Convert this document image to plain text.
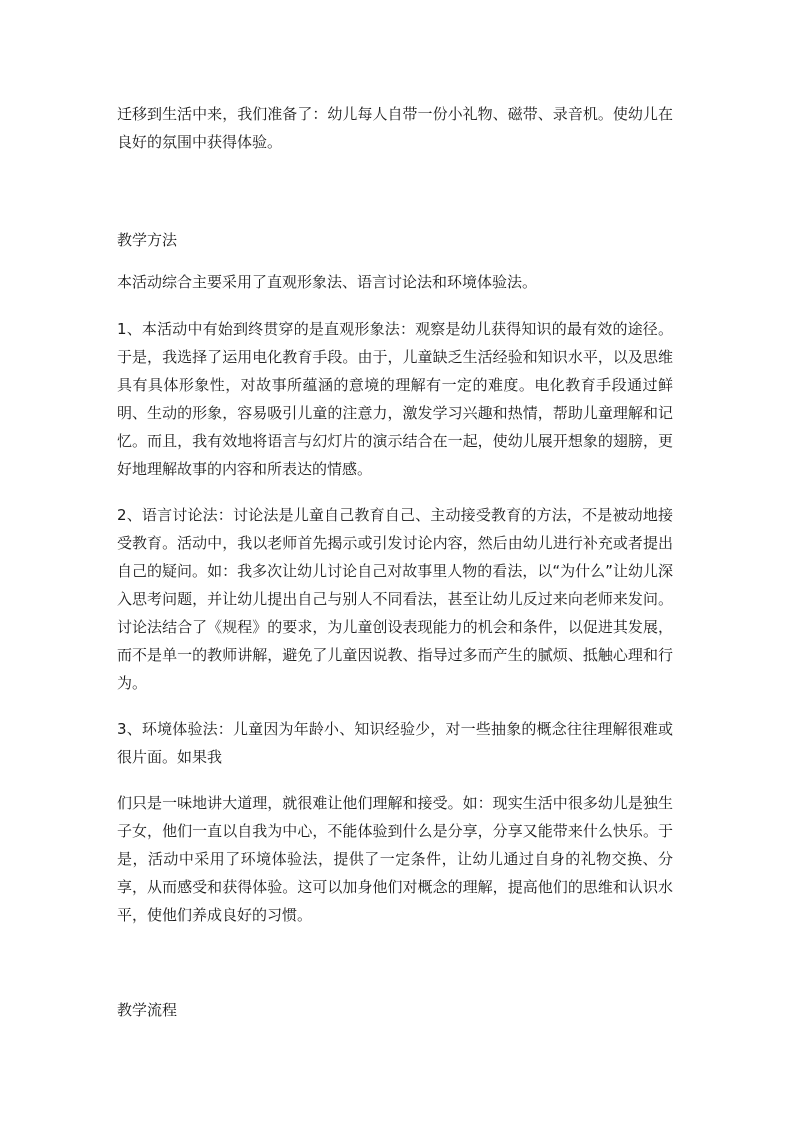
迁移到生活中来，我们准备了：幼儿每人自带一份小礼物、磁带、录音机。使幼儿在良好的氛围中获得体验。

教学方法

本活动综合主要采用了直观形象法、语言讨论法和环境体验法。

1、本活动中有始到终贯穿的是直观形象法：观察是幼儿获得知识的最有效的途径。于是，我选择了运用电化教育手段。由于，儿童缺乏生活经验和知识水平，以及思维具有具体形象性，对故事所蕴涵的意境的理解有一定的难度。电化教育手段通过鲜明、生动的形象，容易吸引儿童的注意力，激发学习兴趣和热情，帮助儿童理解和记忆。而且，我有效地将语言与幻灯片的演示结合在一起，使幼儿展开想象的翅膀，更好地理解故事的内容和所表达的情感。

2、语言讨论法：讨论法是儿童自己教育自己、主动接受教育的方法，不是被动地接受教育。活动中，我以老师首先揭示或引发讨论内容，然后由幼儿进行补充或者提出自己的疑问。如：我多次让幼儿讨论自己对故事里人物的看法，以“为什么”让幼儿深入思考问题，并让幼儿提出自己与别人不同看法，甚至让幼儿反过来向老师来发问。讨论法结合了《规程》的要求，为儿童创设表现能力的机会和条件，以促进其发展，而不是单一的教师讲解，避免了儿童因说教、指导过多而产生的腻烦、抵触心理和行为。

3、环境体验法：儿童因为年龄小、知识经验少，对一些抽象的概念往往理解很难或很片面。如果我

们只是一味地讲大道理，就很难让他们理解和接受。如：现实生活中很多幼儿是独生子女，他们一直以自我为中心，不能体验到什么是分享，分享又能带来什么快乐。于是，活动中采用了环境体验法，提供了一定条件，让幼儿通过自身的礼物交换、分享，从而感受和获得体验。这可以加身他们对概念的理解，提高他们的思维和认识水平，使他们养成良好的习惯。

教学流程
